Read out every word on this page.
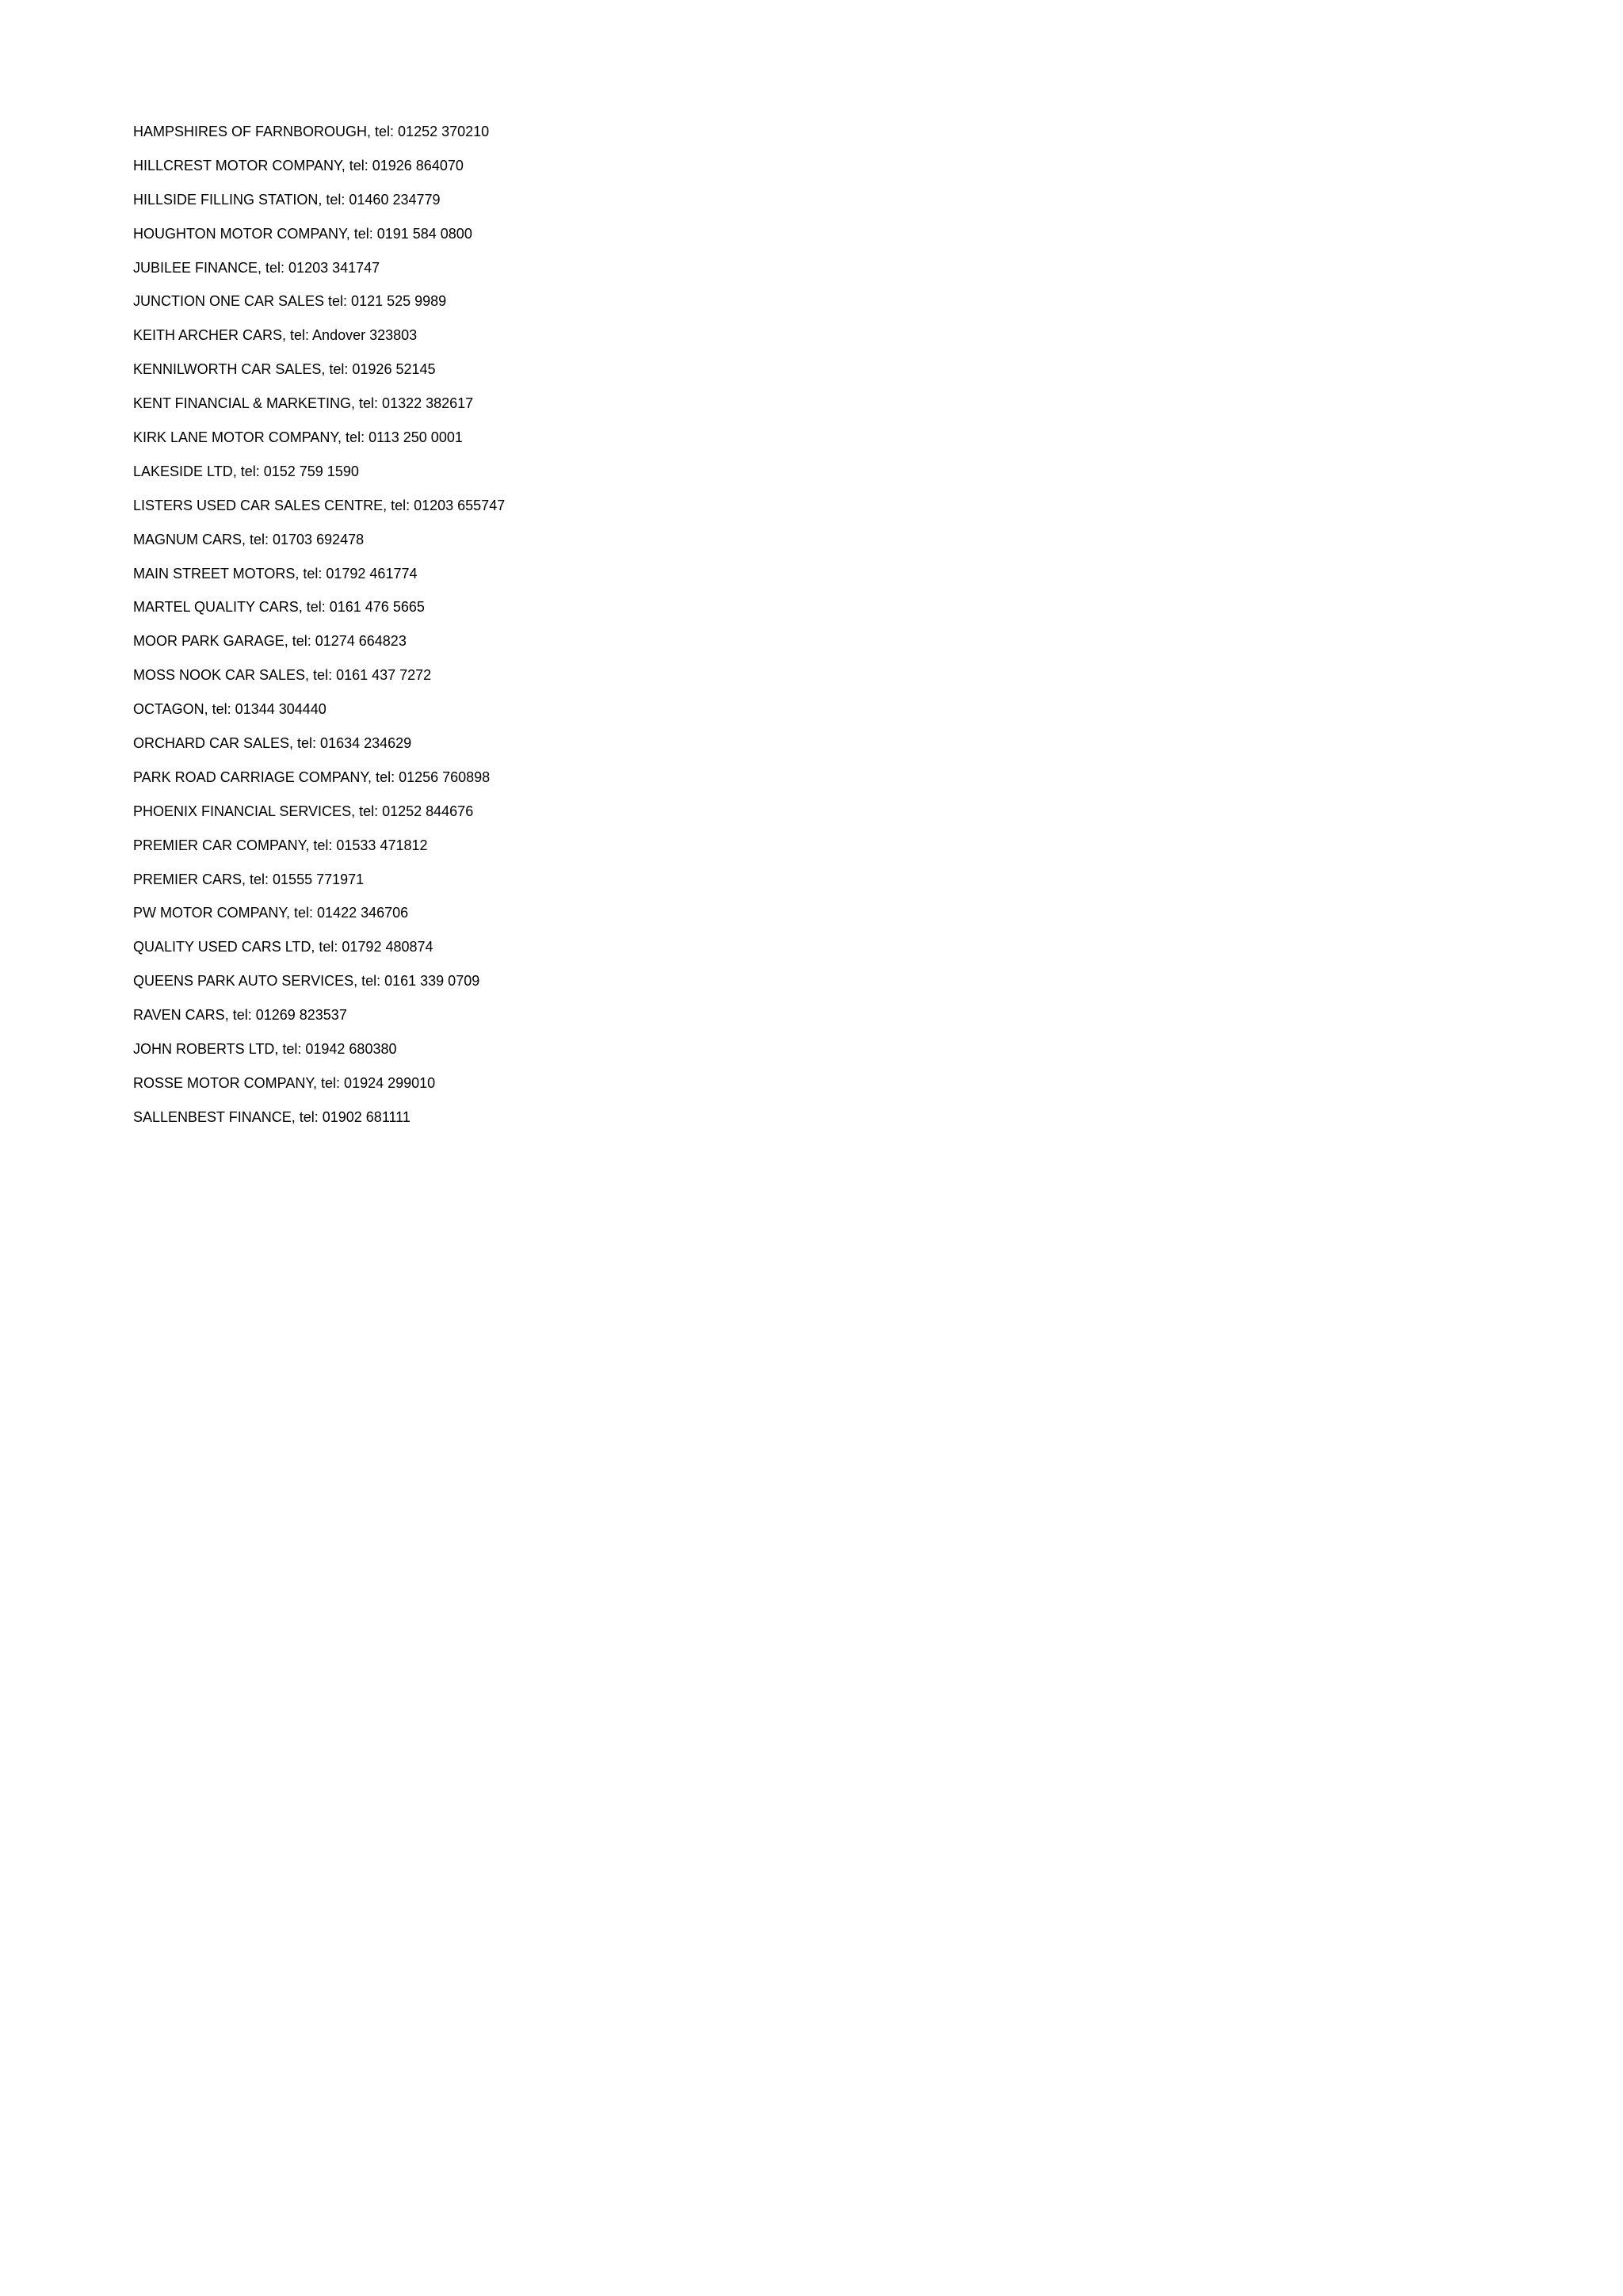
HAMPSHIRES OF FARNBOROUGH, tel: 01252 370210
HILLCREST MOTOR COMPANY, tel: 01926 864070
HILLSIDE FILLING STATION, tel: 01460 234779
HOUGHTON MOTOR COMPANY, tel: 0191 584 0800
JUBILEE FINANCE, tel: 01203 341747
JUNCTION ONE CAR SALES tel: 0121 525 9989
KEITH ARCHER CARS, tel: Andover 323803
KENNILWORTH CAR SALES, tel: 01926 52145
KENT FINANCIAL & MARKETING, tel: 01322 382617
KIRK LANE MOTOR COMPANY, tel: 0113 250 0001
LAKESIDE LTD, tel: 0152 759 1590
LISTERS USED CAR SALES CENTRE, tel: 01203 655747
MAGNUM CARS, tel: 01703 692478
MAIN STREET MOTORS, tel: 01792 461774
MARTEL QUALITY CARS, tel: 0161 476 5665
MOOR PARK GARAGE, tel: 01274 664823
MOSS NOOK CAR SALES, tel: 0161 437 7272
OCTAGON, tel: 01344 304440
ORCHARD CAR SALES, tel: 01634 234629
PARK ROAD CARRIAGE COMPANY, tel: 01256 760898
PHOENIX FINANCIAL SERVICES, tel: 01252 844676
PREMIER CAR COMPANY, tel: 01533 471812
PREMIER CARS, tel: 01555 771971
PW MOTOR COMPANY, tel: 01422 346706
QUALITY USED CARS LTD, tel: 01792 480874
QUEENS PARK AUTO SERVICES, tel: 0161 339 0709
RAVEN CARS, tel: 01269 823537
JOHN ROBERTS LTD, tel: 01942 680380
ROSSE MOTOR COMPANY, tel: 01924 299010
SALLENBEST FINANCE, tel: 01902 681111
